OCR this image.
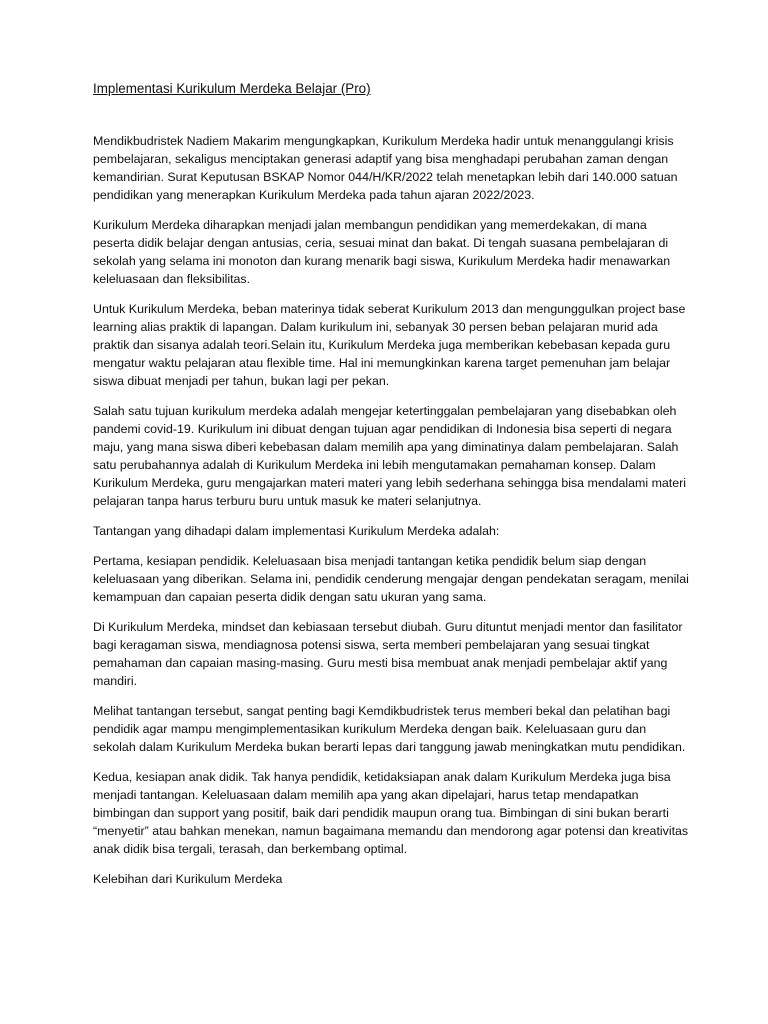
Implementasi Kurikulum Merdeka Belajar (Pro)

Mendikbudristek Nadiem Makarim mengungkapkan, Kurikulum Merdeka hadir untuk menanggulangi krisis pembelajaran, sekaligus menciptakan generasi adaptif yang bisa menghadapi perubahan zaman dengan kemandirian. Surat Keputusan BSKAP Nomor 044/H/KR/2022 telah menetapkan lebih dari 140.000 satuan pendidikan yang menerapkan Kurikulum Merdeka pada tahun ajaran 2022/2023.

Kurikulum Merdeka diharapkan menjadi jalan membangun pendidikan yang memerdekakan, di mana peserta didik belajar dengan antusias, ceria, sesuai minat dan bakat. Di tengah suasana pembelajaran di sekolah yang selama ini monoton dan kurang menarik bagi siswa, Kurikulum Merdeka hadir menawarkan keleluasaan dan fleksibilitas.

Untuk Kurikulum Merdeka, beban materinya tidak seberat Kurikulum 2013 dan mengunggulkan project base learning alias praktik di lapangan. Dalam kurikulum ini, sebanyak 30 persen beban pelajaran murid ada praktik dan sisanya adalah teori.Selain itu, Kurikulum Merdeka juga memberikan kebebasan kepada guru mengatur waktu pelajaran atau flexible time. Hal ini memungkinkan karena target pemenuhan jam belajar siswa dibuat menjadi per tahun, bukan lagi per pekan.

Salah satu tujuan kurikulum merdeka adalah mengejar ketertinggalan pembelajaran yang disebabkan oleh pandemi covid-19. Kurikulum ini dibuat dengan tujuan agar pendidikan di Indonesia bisa seperti di negara maju, yang mana siswa diberi kebebasan dalam memilih apa yang diminatinya dalam pembelajaran. Salah satu perubahannya adalah di Kurikulum Merdeka ini lebih mengutamakan pemahaman konsep. Dalam Kurikulum Merdeka, guru mengajarkan materi materi yang lebih sederhana sehingga bisa mendalami materi pelajaran tanpa harus terburu buru untuk masuk ke materi selanjutnya.

Tantangan yang dihadapi dalam implementasi Kurikulum Merdeka adalah:

Pertama, kesiapan pendidik. Keleluasaan bisa menjadi tantangan ketika pendidik belum siap dengan keleluasaan yang diberikan. Selama ini, pendidik cenderung mengajar dengan pendekatan seragam, menilai kemampuan dan capaian peserta didik dengan satu ukuran yang sama.

Di Kurikulum Merdeka, mindset dan kebiasaan tersebut diubah. Guru dituntut menjadi mentor dan fasilitator bagi keragaman siswa, mendiagnosa potensi siswa, serta memberi pembelajaran yang sesuai tingkat pemahaman dan capaian masing-masing. Guru mesti bisa membuat anak menjadi pembelajar aktif yang mandiri.

Melihat tantangan tersebut, sangat penting bagi Kemdikbudristek terus memberi bekal dan pelatihan bagi pendidik agar mampu mengimplementasikan kurikulum Merdeka dengan baik. Keleluasaan guru dan sekolah dalam Kurikulum Merdeka bukan berarti lepas dari tanggung jawab meningkatkan mutu pendidikan.

Kedua, kesiapan anak didik. Tak hanya pendidik, ketidaksiapan anak dalam Kurikulum Merdeka juga bisa menjadi tantangan. Keleluasaan dalam memilih apa yang akan dipelajari, harus tetap mendapatkan bimbingan dan support yang positif, baik dari pendidik maupun orang tua. Bimbingan di sini bukan berarti “menyetir” atau bahkan menekan, namun bagaimana memandu dan mendorong agar potensi dan kreativitas anak didik bisa tergali, terasah, dan berkembang optimal.

Kelebihan dari Kurikulum Merdeka
